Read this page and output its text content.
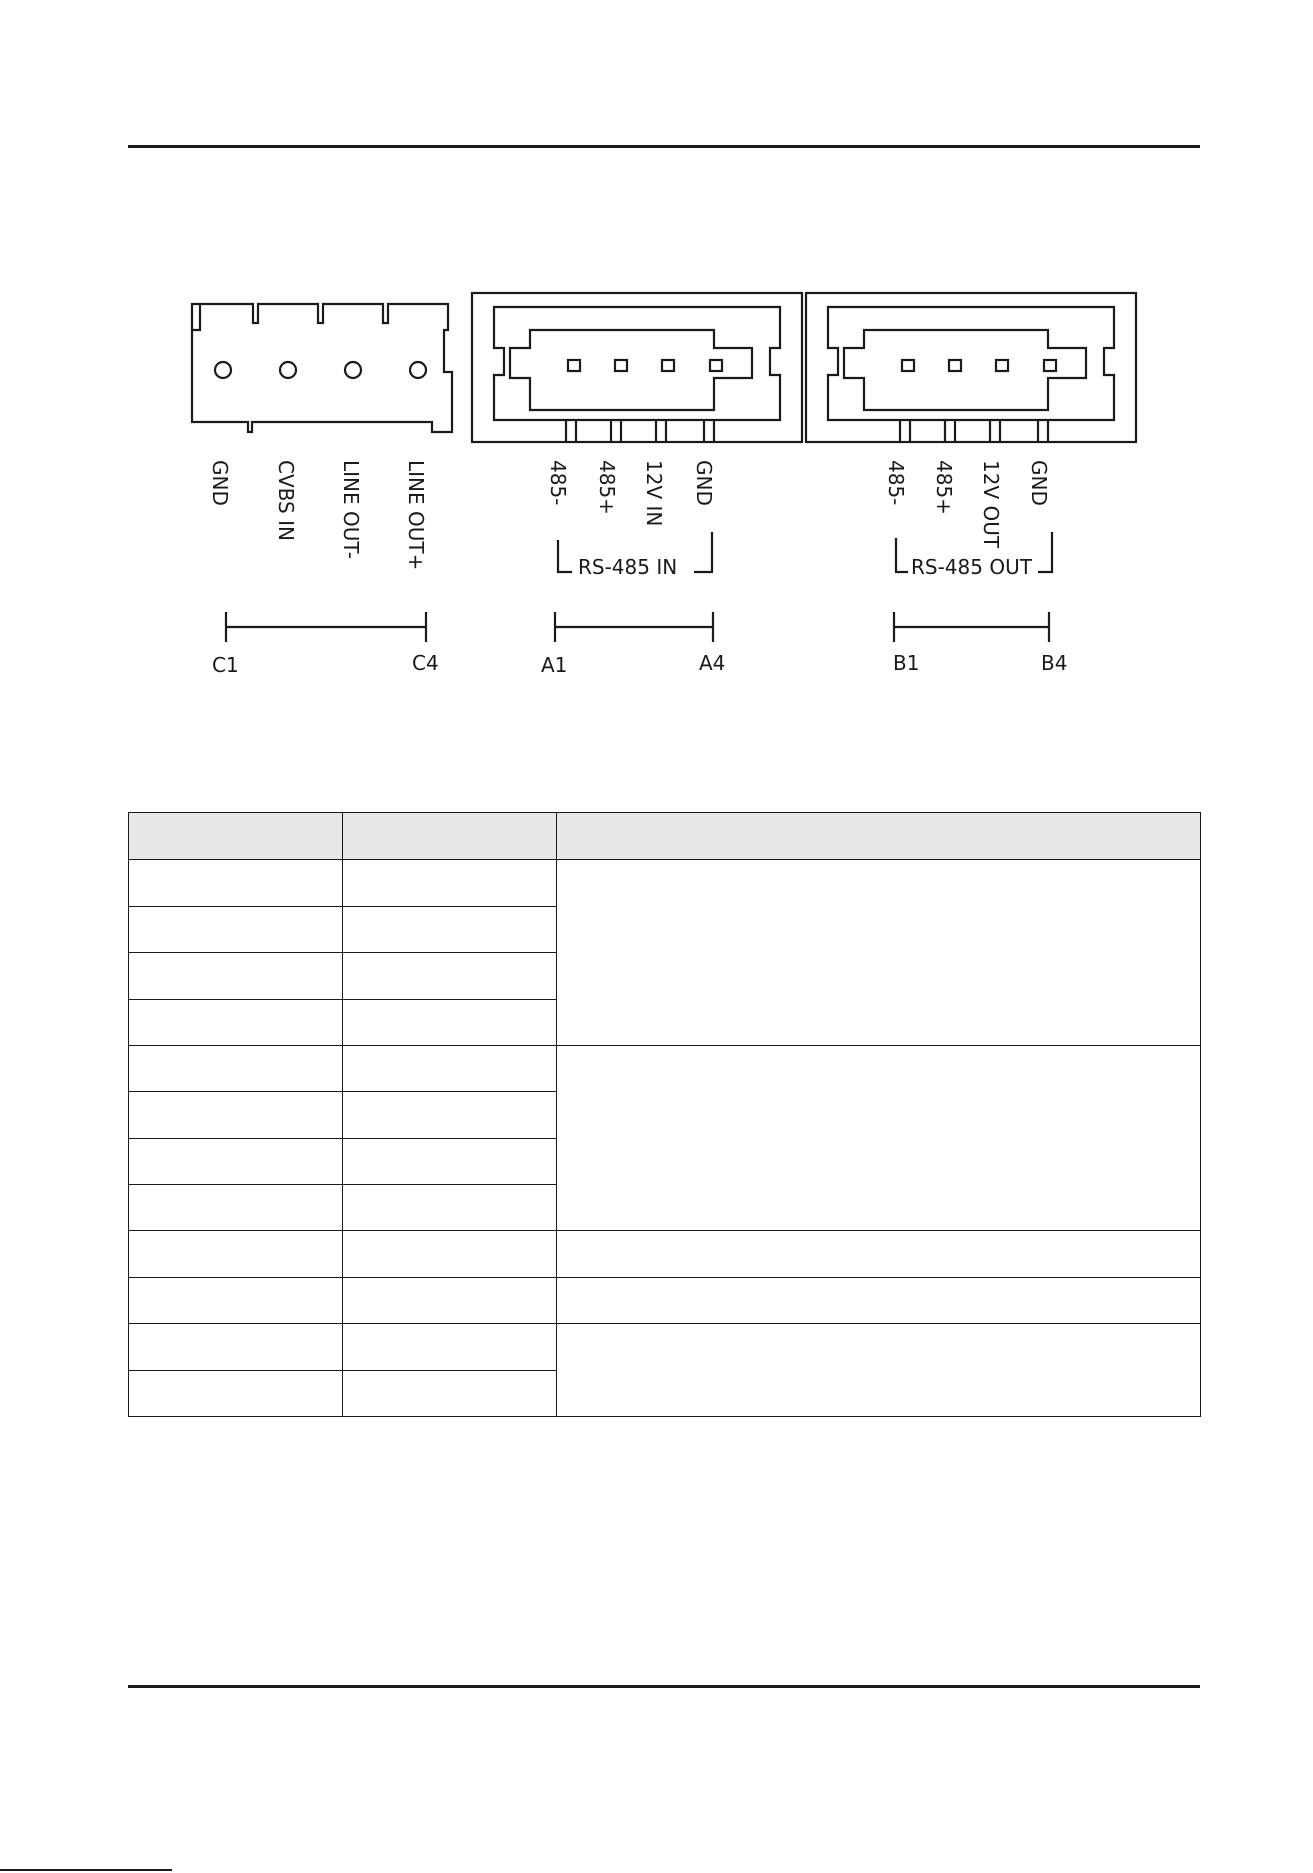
GND CVBS IN LINE OUT- LINE OUT+	485- 485+ 12V IN GND	485- 485+ 12V OUT GND
RS-485 IN	RS-485 OUT
C1	C4	A1	A4	B1	B4
